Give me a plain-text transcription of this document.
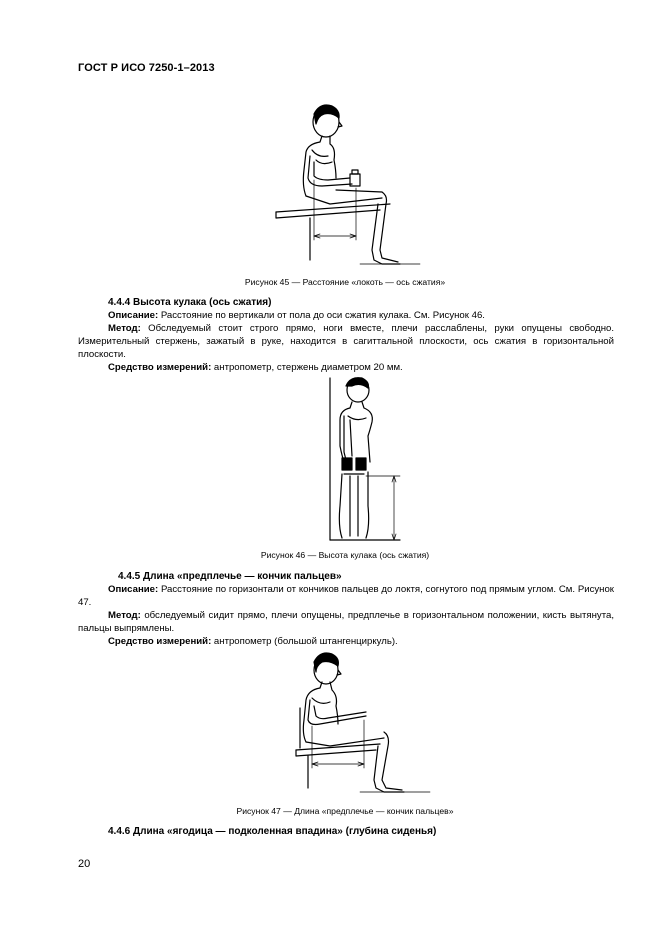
ГОСТ Р ИСО 7250-1–2013
Рисунок 45 — Расстояние «локоть — ось сжатия»
4.4.4 Высота кулака (ось сжатия)
Описание: Расстояние по вертикали от пола до оси сжатия кулака. См. Рисунок 46.
Метод: Обследуемый стоит строго прямо, ноги вместе, плечи расслаблены, руки опущены свободно. Измерительный стержень, зажатый в руке, находится в сагиттальной плоскости, ось сжатия в горизонтальной плоскости.
Средство измерений: антропометр, стержень диаметром 20 мм.
Рисунок 46 — Высота кулака (ось сжатия)
4.4.5 Длина «предплечье — кончик пальцев»
Описание: Расстояние по горизонтали от кончиков пальцев до локтя, согнутого под прямым углом. См. Рисунок 47.
Метод: обследуемый сидит прямо, плечи опущены, предплечье в горизонтальном положении, кисть вытянута, пальцы выпрямлены.
Средство измерений: антропометр (большой штангенциркуль).
Рисунок 47 — Длина «предплечье — кончик пальцев»
4.4.6 Длина «ягодица — подколенная впадина» (глубина сиденья)
20
